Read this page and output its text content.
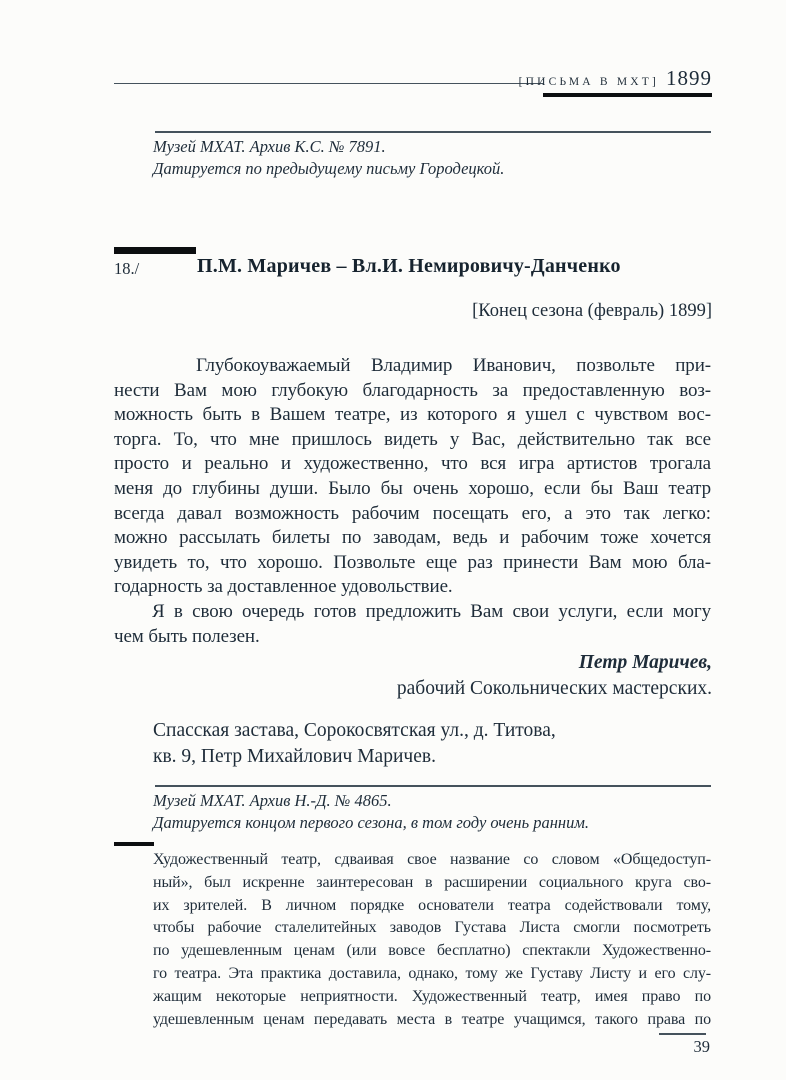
[ПИСЬМА В МХТ] 1899
Музей МХАТ. Архив К.С. № 7891.
Датируется по предыдущему письму Городецкой.
18./	П.М. Маричев – Вл.И. Немировичу-Данченко
[Конец сезона (февраль) 1899]
Глубокоуважаемый Владимир Иванович, позвольте при-
нести Вам мою глубокую благодарность за предоставленную воз-
можность быть в Вашем театре, из которого я ушел с чувством вос-
торга. То, что мне пришлось видеть у Вас, действительно так все
просто и реально и художественно, что вся игра артистов трогала
меня до глубины души. Было бы очень хорошо, если бы Ваш театр
всегда давал возможность рабочим посещать его, а это так легко:
можно рассылать билеты по заводам, ведь и рабочим тоже хочется
увидеть то, что хорошо. Позвольте еще раз принести Вам мою бла-
годарность за доставленное удовольствие.
Я в свою очередь готов предложить Вам свои услуги, если могу
чем быть полезен.
Петр Маричев,
рабочий Сокольнических мастерских.
Спасская застава, Сорокосвятская ул., д. Титова,
кв. 9, Петр Михайлович Маричев.
Музей МХАТ. Архив Н.-Д. № 4865.
Датируется концом первого сезона, в том году очень ранним.
Художественный театр, сдваивая свое название со словом «Общедоступ-
ный», был искренне заинтересован в расширении социального круга сво-
их зрителей. В личном порядке основатели театра содействовали тому,
чтобы рабочие сталелитейных заводов Густава Листа смогли посмотреть
по удешевленным ценам (или вовсе бесплатно) спектакли Художественно-
го театра. Эта практика доставила, однако, тому же Густаву Листу и его слу-
жащим некоторые неприятности. Художественный театр, имея право по
удешевленным ценам передавать места в театре учащимся, такого права по
39
